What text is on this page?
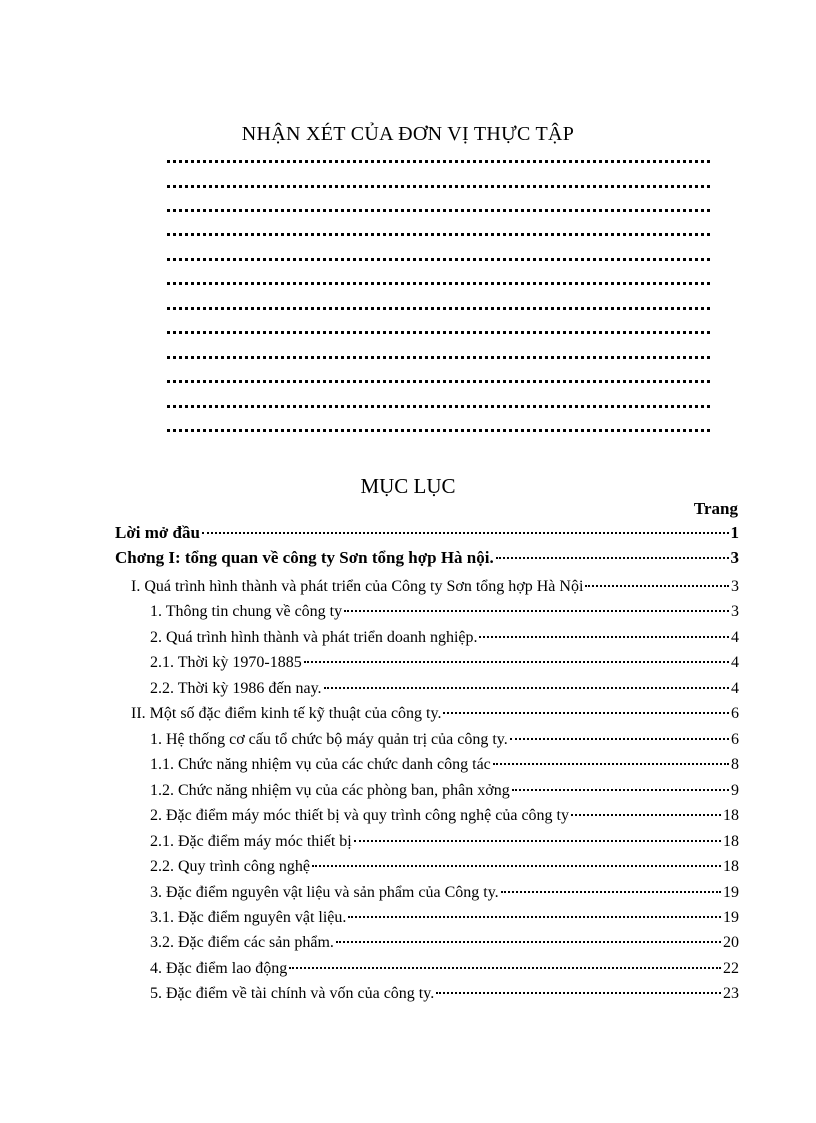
NHẬN XÉT CỦA ĐƠN VỊ THỰC TẬP
MỤC LỤC
Trang
Lời mở đầu	1
Chơng I: tổng quan về công ty Sơn tổng hợp Hà nội.	3
I. Quá trình hình thành và phát triển của Công ty Sơn tổng hợp Hà Nội	3
1. Thông tin chung về công ty	3
2. Quá trình hình thành và phát triển doanh nghiệp.	4
2.1. Thời kỳ 1970-1885	4
2.2. Thời kỳ 1986 đến nay.	4
II. Một số đặc điểm kinh tế kỹ thuật của công ty.	6
1. Hệ thống cơ cấu tổ chức bộ máy quản trị của công ty.	6
1.1. Chức năng nhiệm vụ của các chức danh công tác	8
1.2. Chức năng nhiệm vụ của các phòng ban, phân xởng	9
2. Đặc điểm máy móc thiết bị và quy trình công nghệ của công ty	18
2.1. Đặc điểm máy móc thiết bị	18
2.2. Quy trình công nghệ	18
3. Đặc điểm nguyên vật liệu và sản phẩm của Công ty.	19
3.1. Đặc điểm nguyên vật liệu.	19
3.2. Đặc điểm các sản phẩm.	20
4. Đặc điểm lao động	22
5. Đặc điểm về tài chính và vốn của công ty.	23
